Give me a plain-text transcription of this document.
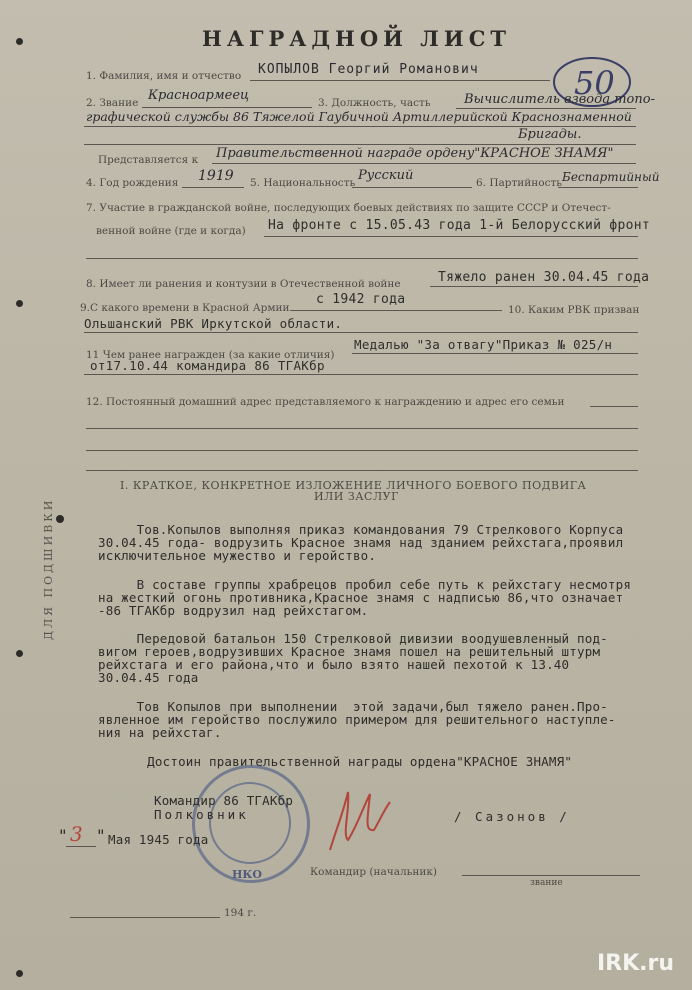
ДЛЯ ПОДШИВКИ
НАГРАДНОЙ ЛИСТ
50
1. Фамилия, имя и отчество КОПЫЛОВ Георгий Романович
2. Звание Красноармеец	3. Должность, часть	Вычислитель взвода топо-
графической службы 86 Тяжелой Гаубичной Артиллерийской Краснознаменной
Бригады.
Представляется к Правительственной награде ордену"КРАСНОЕ ЗНАМЯ"
4. Год рождения 1919 5. Национальность Русский	6. Партийность Беспартийный
7. Участие в гражданской войне, последующих боевых действиях по защите СССР и Отечест-
венной войне (где и когда) На фронте с 15.05.43 года 1-й Белорусский фронт
8. Имеет ли ранения и контузии в Отечественной войне	Тяжело ранен 30.04.45 года
9.С какого времени в Красной Армии
с 1942 года
10. Каким РВК призван
Ольшанский РВК Иркутской области.
11 Чем ранее награжден (за какие отличия)
Медалью "За отвагу"Приказ № 025/н
от17.10.44 командира 86 ТГАКбр
12. Постоянный домашний адрес представляемого к награждению и адрес его семьи
I. КРАТКОЕ, КОНКРЕТНОЕ ИЗЛОЖЕНИЕ ЛИЧНОГО БОЕВОГО ПОДВИГА
ИЛИ ЗАСЛУГ
Тов.Копылов выполняя приказ командования 79 Стрелкового Корпуса
30.04.45 года- водрузить Красное знамя над зданием рейхстага,проявил
исключительное мужество и геройство.
В составе группы храбрецов пробил себе путь к рейхстагу несмотря
на жесткий огонь противника,Красное знамя с надписью 86,что означает
-86 ТГАКбр водрузил над рейхстагом.
Передовой батальон 150 Стрелковой дивизии воодушевленный под-
вигом героев,водрузивших Красное знамя пошел на решительный штурм
рейхстага и его района,что и было взято нашей пехотой к 13.40
30.04.45 года
Тов Копылов при выполнении  этой задачи,был тяжело ранен.Про-
явленное им геройство послужило примером для решительного наступле-
ния на рейхстаг.
Достоин правительственной награды ордена"КРАСНОЕ ЗНАМЯ"
НКО
Командир 86 ТГАКбр
Полковник	/ Сазонов /
" 3 " Мая 1945 года
Командир (начальник)
звание
194 г.
IRK.ru
